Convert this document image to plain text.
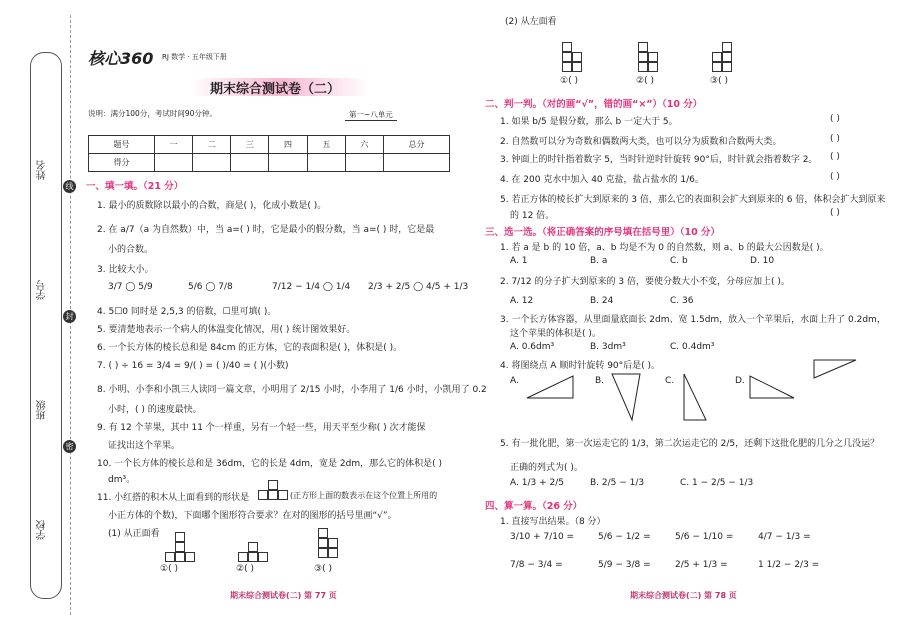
学校
班级
学号
姓名
线
封
密
核心360 RJ 数学 · 五年级下册
期末综合测试卷（二）
说明：满分100分，考试时间90分钟。	第一~八单元
题号	一	二	三	四	五	六	总分
得分							
一、填一填。（21 分）
1. 最小的质数除以最小的合数，商是( )，化成小数是( )。
2. 在 a/7（a 为自然数）中，当 a=( ) 时，它是最小的假分数，当 a=( ) 时，它是最
小的合数。
3. 比较大小。
3/7 ◯ 5/9	5/6 ◯ 7/8	7/12 − 1/4 ◯ 1/4 2/3 + 2/5 ◯ 4/5 + 1/3
4. 5☐0 同时是 2,5,3 的倍数，☐里可填( )。
5. 要清楚地表示一个病人的体温变化情况，用( ) 统计图效果好。
6. 一个长方体的棱长总和是 84cm 的正方体，它的表面积是( )，体积是( )。
7. ( ) ÷ 16 = 3/4 = 9/( ) = ( )/40 = ( )(小数)
8. 小明、小李和小凯三人读同一篇文章，小明用了 2/15 小时，小李用了 1/6 小时，小凯用了 0.2
小时，( ) 的速度最快。
9. 有 12 个苹果，其中 11 个一样重，另有一个轻一些，用天平至少称( ) 次才能保
证找出这个苹果。
10. 一个长方体的棱长总和是 36dm，它的长是 4dm，宽是 2dm，那么它的体积是( )
dm³。
11. 小红搭的积木从上面看到的形状是	(正方形上面的数表示在这个位置上所用的
小正方体的个数)，下面哪个图形符合要求？在对的图形的括号里画“√”。
(1) 从正面看
①( )	②( )	③( )
期末综合测试卷(二) 第 77 页
(2) 从左面看
①( )	②( )	③( )
二、判一判。（对的画“√”，错的画“×”）（10 分）
1. 如果 b/5 是假分数，那么 b 一定大于 5。
2. 自然数可以分为奇数和偶数两大类，也可以分为质数和合数两大类。
3. 钟面上的时针指着数字 5，当时针逆时针旋转 90°后，时针就会指着数字 2。
4. 在 200 克水中加入 40 克盐，盐占盐水的 1/6。
5. 若正方体的棱长扩大到原来的 3 倍，那么它的表面积会扩大到原来的 6 倍，体积会扩大到原来
的 12 倍。
( )
( )
( )
( )
( )
三、选一选。（将正确答案的序号填在括号里）（10 分）
1. 若 a 是 b 的 10 倍，a、b 均是不为 0 的自然数，则 a、b 的最大公因数是( )。
A. 1	B. a	C. b	D. 10
2. 7/12 的分子扩大到原来的 3 倍，要使分数大小不变，分母应加上( )。
A. 12	B. 24	C. 36
3. 一个长方体容器，从里面量底面长 2dm、宽 1.5dm，放入一个苹果后，水面上升了 0.2dm，
这个苹果的体积是( )。
A. 0.6dm³	B. 3dm³	C. 0.4dm³
4. 将图绕点 A 顺时针旋转 90°后是( )。
A.	B.	C.	D.
5. 有一批化肥，第一次运走它的 1/3，第二次运走它的 2/5，还剩下这批化肥的几分之几没运？
正确的列式为( )。
A. 1/3 + 2/5	B. 2/5 − 1/3	C. 1 − 2/5 − 1/3
四、算一算。（26 分）
1. 直接写出结果。（8 分）
3/10 + 7/10 =	5/6 − 1/2 =	5/6 − 1/10 =	4/7 − 1/3 =
7/8 − 3/4 =	5/9 − 3/8 =	2/5 + 1/3 =	1 1/2 − 2/3 =
期末综合测试卷(二) 第 78 页
